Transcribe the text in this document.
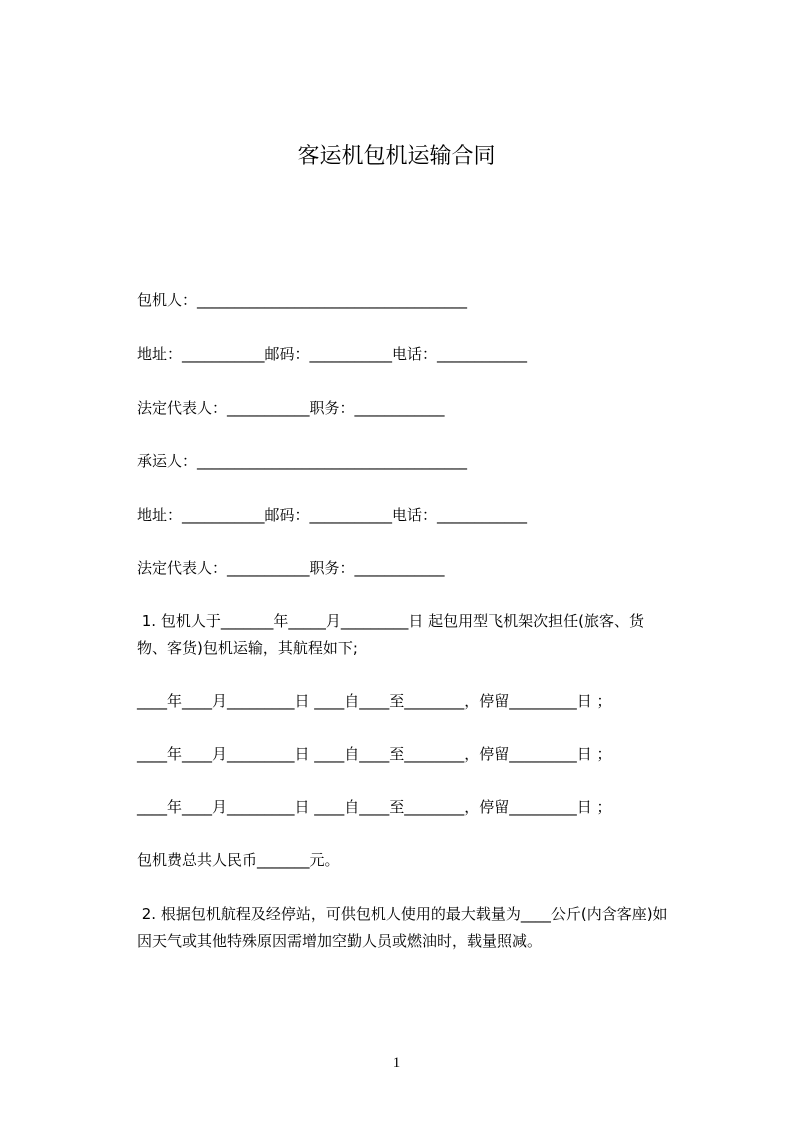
客运机包机运输合同
包机人：____________________________________
地址：___________邮码：___________电话：____________
法定代表人：___________职务：____________
承运人：____________________________________
地址：___________邮码：___________电话：____________
法定代表人：___________职务：____________
1. 包机人于_______年_____月_________日 起包用型飞机架次担任(旅客、货
物、客货)包机运输，其航程如下;
____年____月_________日 ____自____至________，停留_________日 ；
____年____月_________日 ____自____至________，停留_________日 ；
____年____月_________日 ____自____至________，停留_________日 ；
包机费总共人民币_______元。
2. 根据包机航程及经停站，可供包机人使用的最大载量为____公斤(内含客座)如
因天气或其他特殊原因需增加空勤人员或燃油时，载量照减。
1
